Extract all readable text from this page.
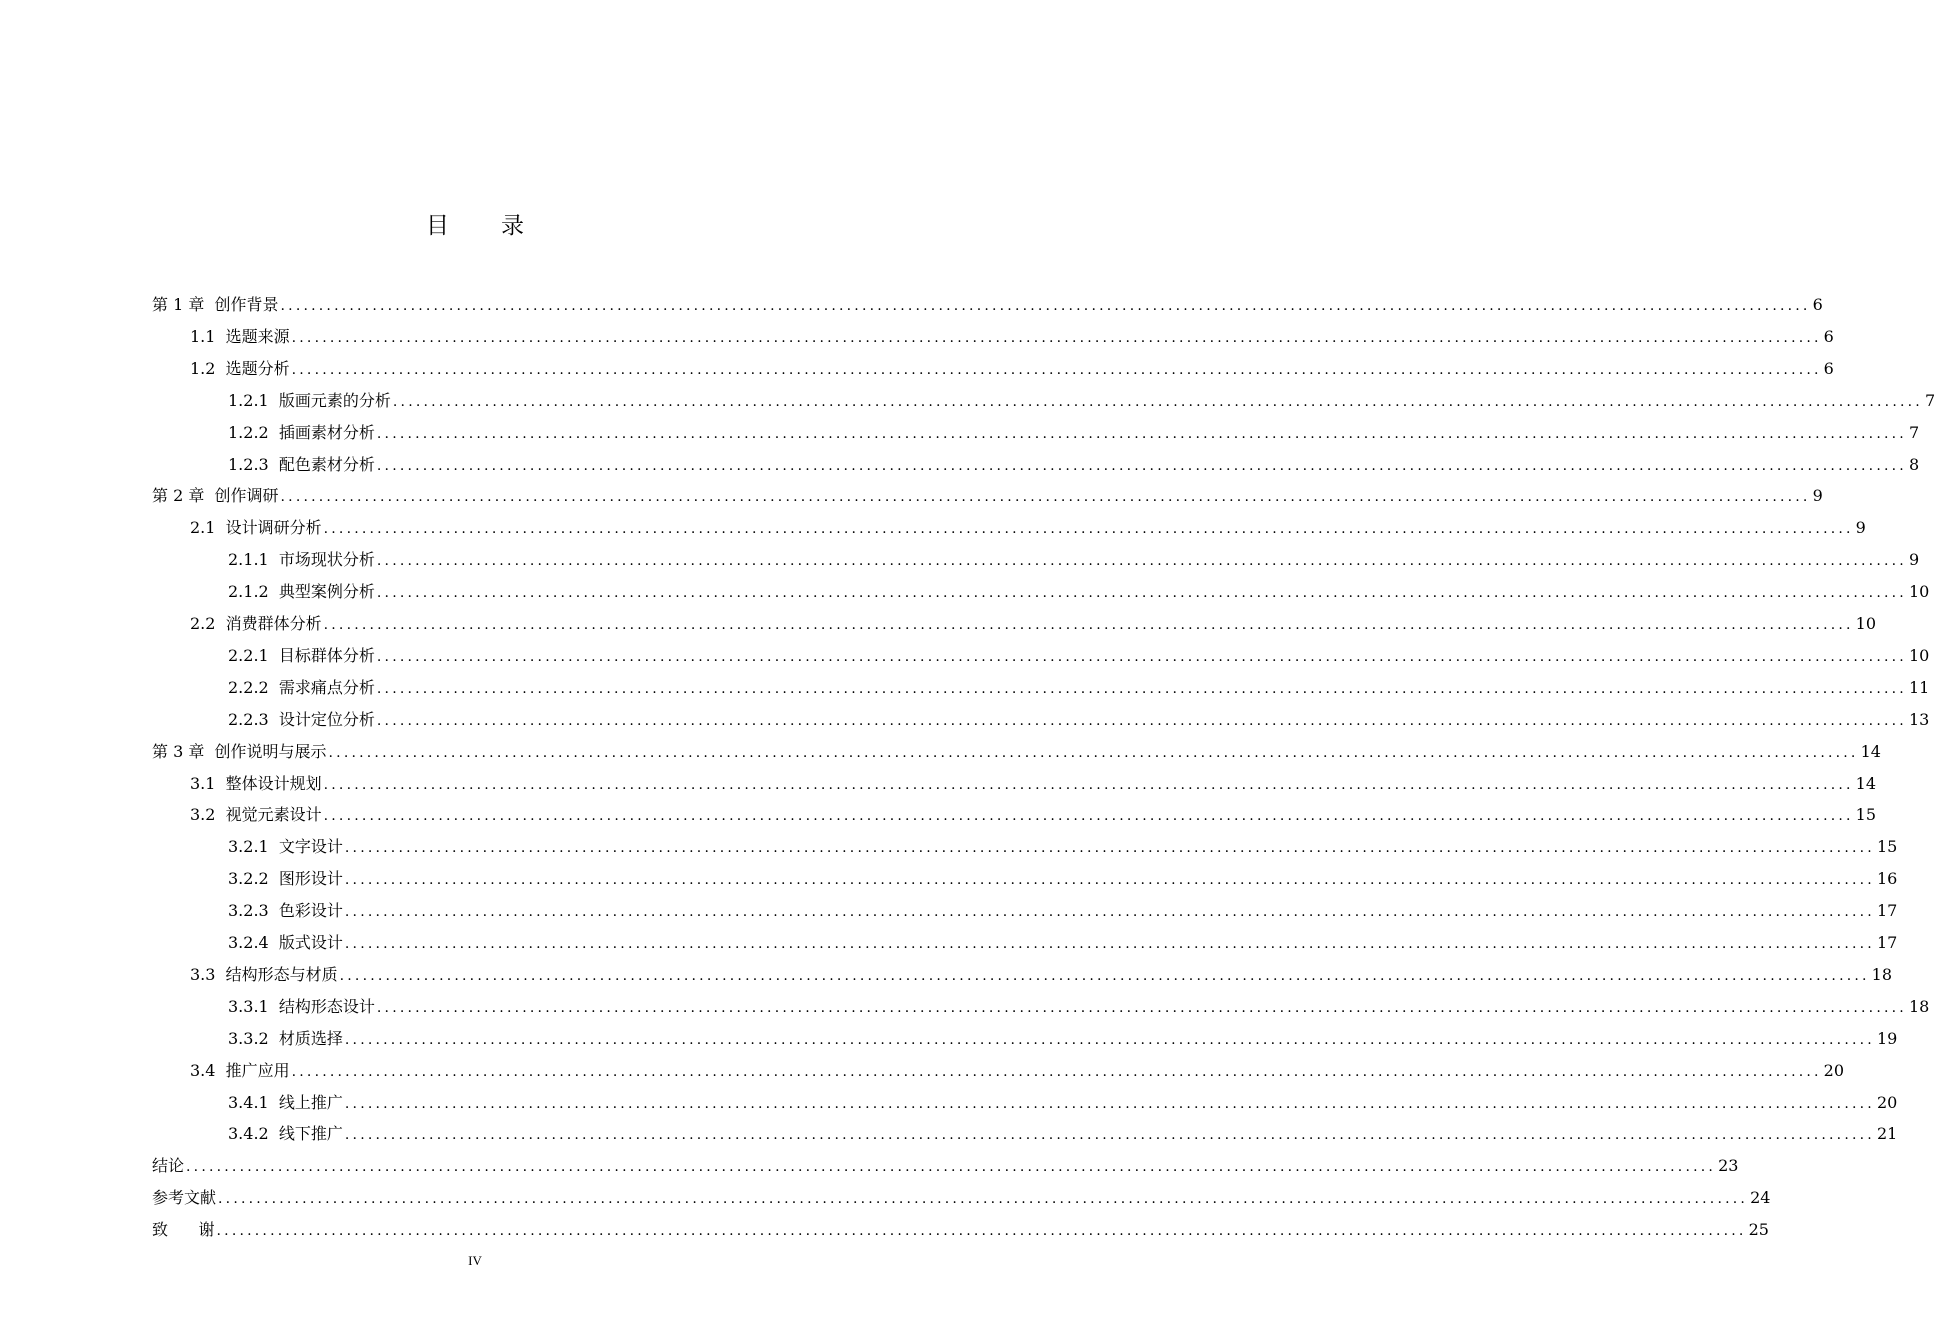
目 录
第 1 章  创作背景 ........................................................................................................................................................................................................ 6
1.1  选题来源 ........................................................................................................................................................................................................ 6
1.2  选题分析 ........................................................................................................................................................................................................ 6
1.2.1  版画元素的分析 ........................................................................................................................................................................................................ 7
1.2.2  插画素材分析 ........................................................................................................................................................................................................ 7
1.2.3  配色素材分析 ........................................................................................................................................................................................................ 8
第 2 章  创作调研 ........................................................................................................................................................................................................ 9
2.1  设计调研分析 ........................................................................................................................................................................................................ 9
2.1.1  市场现状分析 ........................................................................................................................................................................................................ 9
2.1.2  典型案例分析 ........................................................................................................................................................................................................ 10
2.2  消费群体分析 ........................................................................................................................................................................................................ 10
2.2.1  目标群体分析 ........................................................................................................................................................................................................ 10
2.2.2  需求痛点分析 ........................................................................................................................................................................................................ 11
2.2.3  设计定位分析 ........................................................................................................................................................................................................ 13
第 3 章  创作说明与展示 ........................................................................................................................................................................................................ 14
3.1  整体设计规划 ........................................................................................................................................................................................................ 14
3.2  视觉元素设计 ........................................................................................................................................................................................................ 15
3.2.1  文字设计 ........................................................................................................................................................................................................ 15
3.2.2  图形设计 ........................................................................................................................................................................................................ 16
3.2.3  色彩设计 ........................................................................................................................................................................................................ 17
3.2.4  版式设计 ........................................................................................................................................................................................................ 17
3.3  结构形态与材质 ........................................................................................................................................................................................................ 18
3.3.1  结构形态设计 ........................................................................................................................................................................................................ 18
3.3.2  材质选择 ........................................................................................................................................................................................................ 19
3.4  推广应用 ........................................................................................................................................................................................................ 20
3.4.1  线上推广 ........................................................................................................................................................................................................ 20
3.4.2  线下推广 ........................................................................................................................................................................................................ 21
结论 ........................................................................................................................................................................................................ 23
参考文献 ........................................................................................................................................................................................................ 24
致      谢 ........................................................................................................................................................................................................ 25
IV
